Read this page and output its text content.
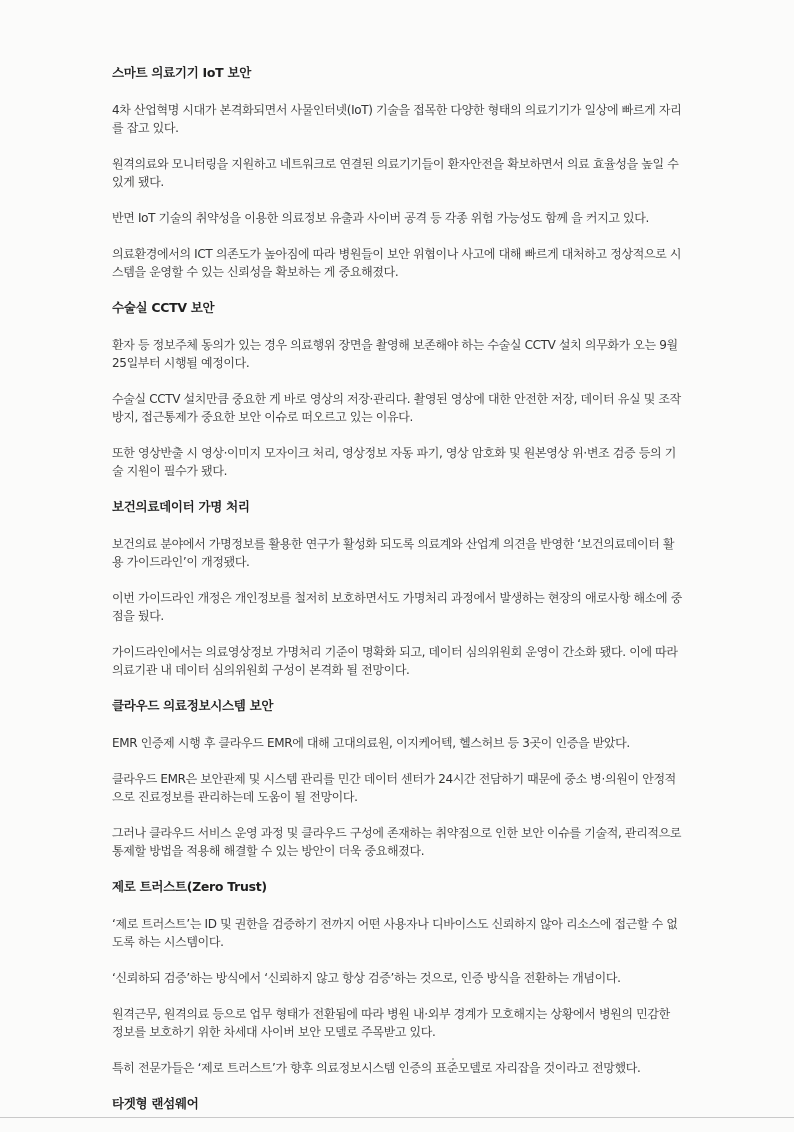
스마트 의료기기 IoT 보안

4차 산업혁명 시대가 본격화되면서 사물인터넷(IoT) 기술을 접목한 다양한 형태의 의료기기가 일상에 빠르게 자리를 잡고 있다.

원격의료와 모니터링을 지원하고 네트워크로 연결된 의료기기들이 환자안전을 확보하면서 의료 효율성을 높일 수 있게 됐다.

반면 IoT 기술의 취약성을 이용한 의료정보 유출과 사이버 공격 등 각종 위험 가능성도 함께 을 커지고 있다.

의료환경에서의 ICT 의존도가 높아짐에 따라 병원들이 보안 위협이나 사고에 대해 빠르게 대처하고 정상적으로 시스템을 운영할 수 있는 신뢰성을 확보하는 게 중요해졌다.

수술실 CCTV 보안

환자 등 정보주체 동의가 있는 경우 의료행위 장면을 촬영해 보존해야 하는 수술실 CCTV 설치 의무화가 오는 9월 25일부터 시행될 예정이다.

수술실 CCTV 설치만큼 중요한 게 바로 영상의 저장·관리다. 촬영된 영상에 대한 안전한 저장, 데이터 유실 및 조작 방지, 접근통제가 중요한 보안 이슈로 떠오르고 있는 이유다.

또한 영상반출 시 영상·이미지 모자이크 처리, 영상정보 자동 파기, 영상 암호화 및 원본영상 위·변조 검증 등의 기술 지원이 필수가 됐다.

보건의료데이터 가명 처리

보건의료 분야에서 가명정보를 활용한 연구가 활성화 되도록 의료계와 산업계 의견을 반영한 ‘보건의료데이터 활용 가이드라인’이 개정됐다.

이번 가이드라인 개정은 개인정보를 철저히 보호하면서도 가명처리 과정에서 발생하는 현장의 애로사항 해소에 중점을 뒀다.

가이드라인에서는 의료영상정보 가명처리 기준이 명확화 되고, 데이터 심의위원회 운영이 간소화 됐다. 이에 따라 의료기관 내 데이터 심의위원회 구성이 본격화 될 전망이다.

클라우드 의료정보시스템 보안

EMR 인증제 시행 후 클라우드 EMR에 대해 고대의료원, 이지케어텍, 헬스허브 등 3곳이 인증을 받았다.

클라우드 EMR은 보안관제 및 시스템 관리를 민간 데이터 센터가 24시간 전담하기 때문에 중소 병·의원이 안정적으로 진료정보를 관리하는데 도움이 될 전망이다.

그러나 클라우드 서비스 운영 과정 및 클라우드 구성에 존재하는 취약점으로 인한 보안 이슈를 기술적, 관리적으로 통제할 방법을 적용해 해결할 수 있는 방안이 더욱 중요해졌다.

제로 트러스트(Zero Trust)

‘제로 트러스트’는 ID 및 권한을 검증하기 전까지 어떤 사용자나 디바이스도 신뢰하지 않아 리소스에 접근할 수 없도록 하는 시스템이다.

‘신뢰하되 검증’하는 방식에서 ‘신뢰하지 않고 항상 검증’하는 것으로, 인증 방식을 전환하는 개념이다.

원격근무, 원격의료 등으로 업무 형태가 전환됨에 따라 병원 내·외부 경계가 모호해지는 상황에서 병원의 민감한 정보를 보호하기 위한 차세대 사이버 보안 모델로 주목받고 있다.

특히 전문가들은 ‘제로 트러스트’가 향후 의료정보시스템 인증의 표준모델로 자리잡을 것이라고 전망했다.

타겟형 랜섬웨어
